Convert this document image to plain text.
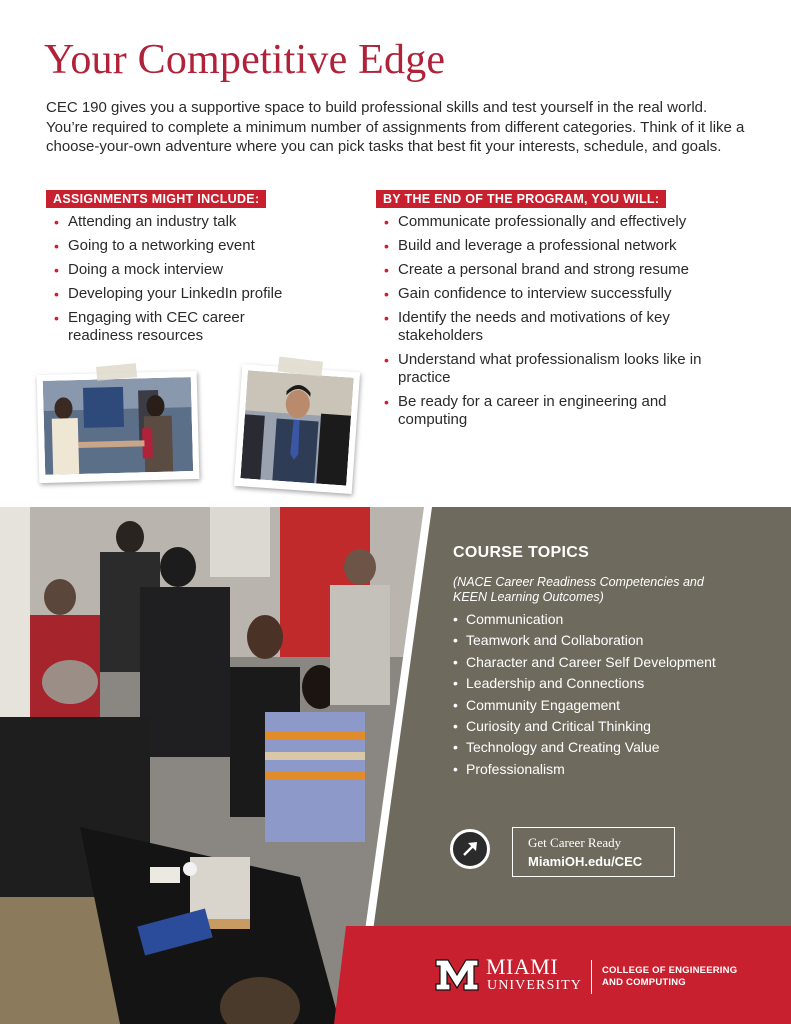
Your Competitive Edge

CEC 190 gives you a supportive space to build professional skills and test yourself in the real world. You’re required to complete a minimum number of assignments from different categories. Think of it like a choose-your-own adventure where you can pick tasks that best fit your interests, schedule, and goals.

ASSIGNMENTS MIGHT INCLUDE:
• Attending an industry talk
• Going to a networking event
• Doing a mock interview
• Developing your LinkedIn profile
• Engaging with CEC career readiness resources
BY THE END OF THE PROGRAM, YOU WILL:
• Communicate professionally and effectively
• Build and leverage a professional network
• Create a personal brand and strong resume
• Gain confidence to interview successfully
• Identify the needs and motivations of key stakeholders
• Understand what professionalism looks like in practice
• Be ready for a career in engineering and computing
COURSE TOPICS
(NACE Career Readiness Competencies and KEEN Learning Outcomes)
• Communication
• Teamwork and Collaboration
• Character and Career Self Development
• Leadership and Connections
• Community Engagement
• Curiosity and Critical Thinking
• Technology and Creating Value
• Professionalism
Get Career Ready
MiamiOH.edu/CEC
MIAMI
UNIVERSITY
COLLEGE OF ENGINEERING
AND COMPUTING
